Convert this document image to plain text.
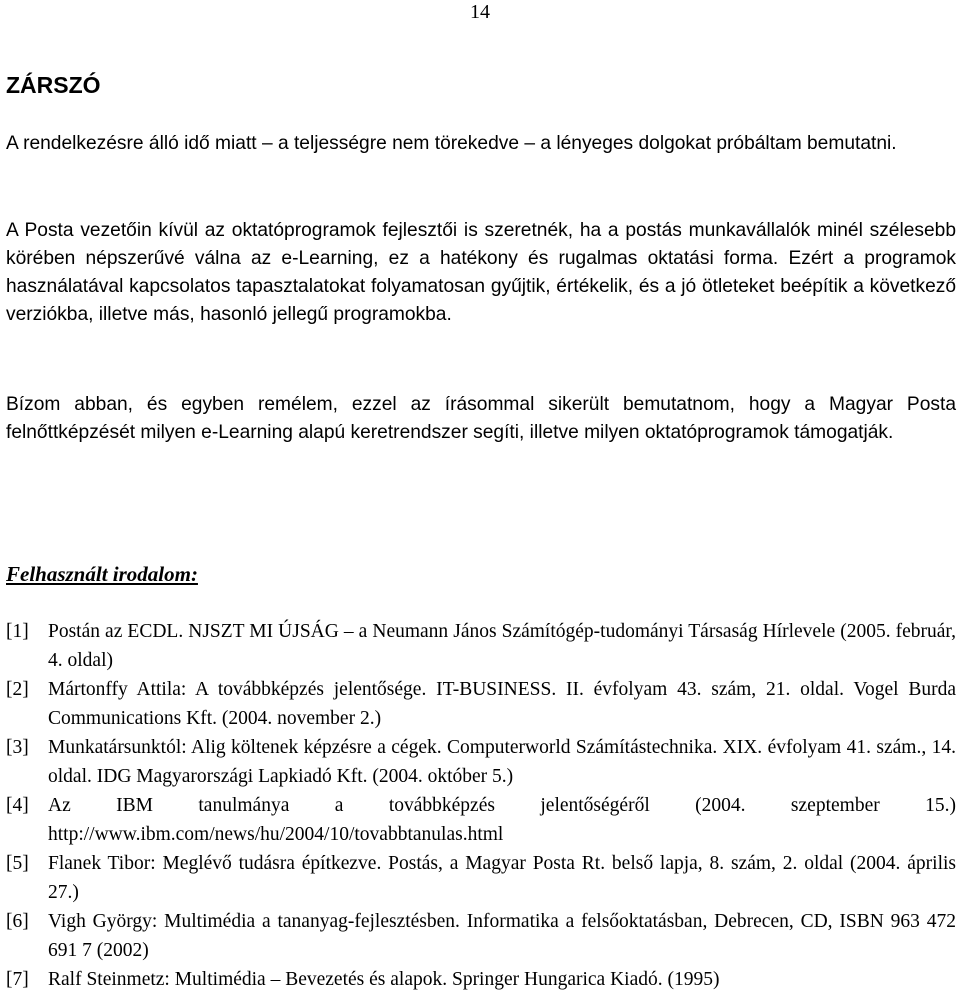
14
ZÁRSZÓ

A rendelkezésre álló idő miatt – a teljességre nem törekedve – a lényeges dolgokat próbáltam bemutatni.

A Posta vezetőin kívül az oktatóprogramok fejlesztői is szeretnék, ha a postás munkavállalók minél szélesebb körében népszerűvé válna az e-Learning, ez a hatékony és rugalmas oktatási forma. Ezért a programok használatával kapcsolatos tapasztalatokat folyamatosan gyűjtik, értékelik, és a jó ötleteket beépítik a következő verziókba, illetve más, hasonló jellegű programokba.

Bízom abban, és egyben remélem, ezzel az írásommal sikerült bemutatnom, hogy a Magyar Posta felnőttképzését milyen e-Learning alapú keretrendszer segíti, illetve milyen oktatóprogramok támogatják.

Felhasznált irodalom:
[1] Postán az ECDL. NJSZT MI ÚJSÁG – a Neumann János Számítógép-tudományi Társaság Hírlevele (2005. február, 4. oldal)
[2] Mártonffy Attila: A továbbképzés jelentősége. IT-BUSINESS. II. évfolyam 43. szám, 21. oldal. Vogel Burda Communications Kft. (2004. november 2.)
[3] Munkatársunktól: Alig költenek képzésre a cégek. Computerworld Számítástechnika. XIX. évfolyam 41. szám., 14. oldal. IDG Magyarországi Lapkiadó Kft. (2004. október 5.)
[4] Az IBM tanulmánya a továbbképzés jelentőségéről (2004. szeptember 15.) http://www.ibm.com/news/hu/2004/10/tovabbtanulas.html
[5] Flanek Tibor: Meglévő tudásra építkezve. Postás, a Magyar Posta Rt. belső lapja, 8. szám, 2. oldal (2004. április 27.)
[6] Vigh György: Multimédia a tananyag-fejlesztésben. Informatika a felsőoktatásban, Debrecen, CD, ISBN 963 472 691 7 (2002)
[7] Ralf Steinmetz: Multimédia – Bevezetés és alapok. Springer Hungarica Kiadó. (1995)
